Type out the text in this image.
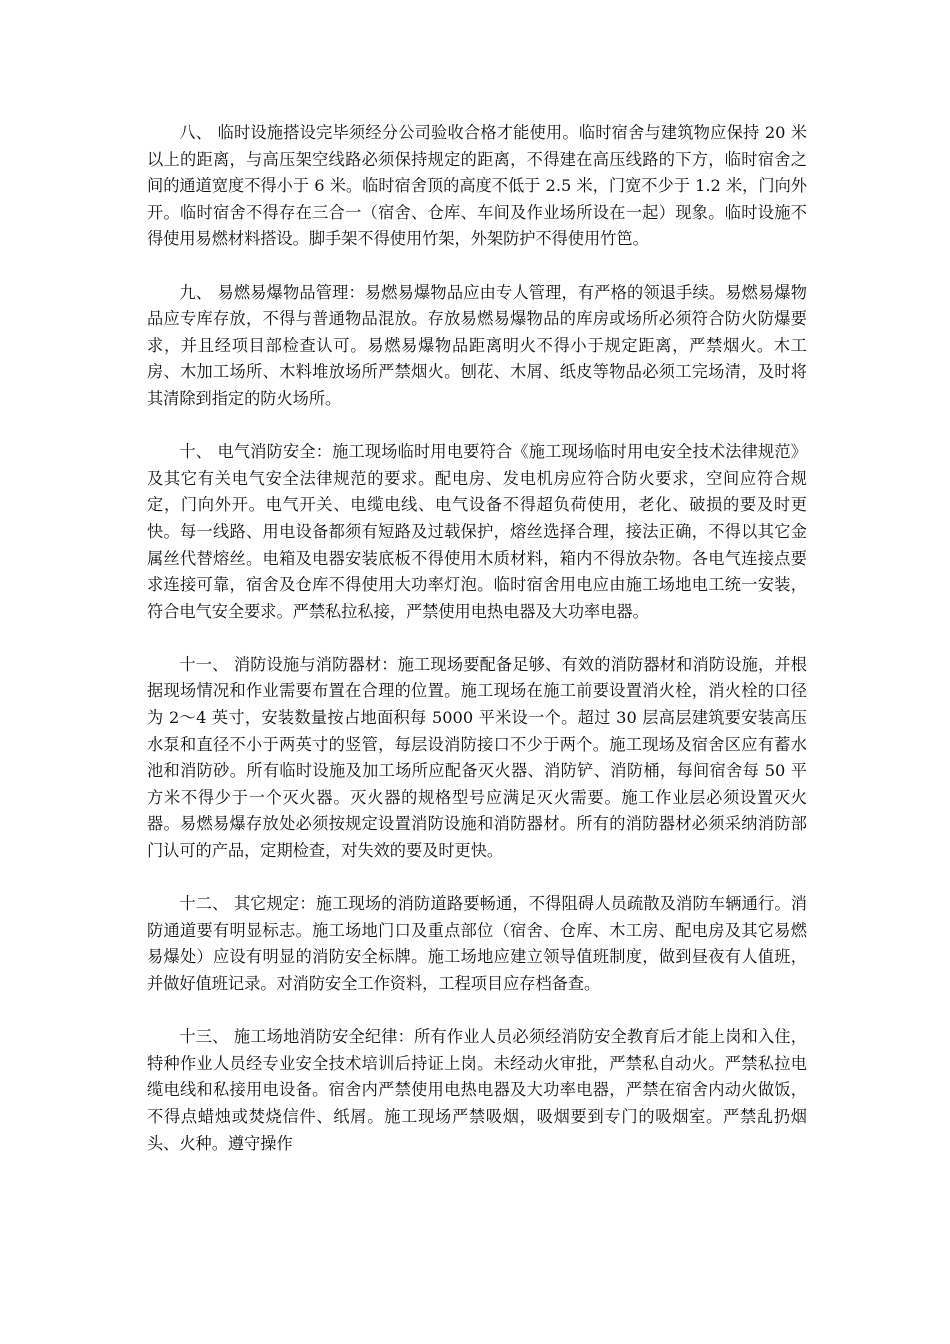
八、 临时设施搭设完毕须经分公司验收合格才能使用。临时宿舍与建筑物应保持 20 米以上的距离，与高压架空线路必须保持规定的距离，不得建在高压线路的下方，临时宿舍之间的通道宽度不得小于 6 米。临时宿舍顶的高度不低于 2.5 米，门宽不少于 1.2 米，门向外开。临时宿舍不得存在三合一（宿舍、仓库、车间及作业场所设在一起）现象。临时设施不得使用易燃材料搭设。脚手架不得使用竹架，外架防护不得使用竹笆。

九、 易燃易爆物品管理：易燃易爆物品应由专人管理，有严格的领退手续。易燃易爆物品应专库存放，不得与普通物品混放。存放易燃易爆物品的库房或场所必须符合防火防爆要求，并且经项目部检查认可。易燃易爆物品距离明火不得小于规定距离，严禁烟火。木工房、木加工场所、木料堆放场所严禁烟火。刨花、木屑、纸皮等物品必须工完场清，及时将其清除到指定的防火场所。

十、 电气消防安全：施工现场临时用电要符合《施工现场临时用电安全技术法律规范》及其它有关电气安全法律规范的要求。配电房、发电机房应符合防火要求，空间应符合规定，门向外开。电气开关、电缆电线、电气设备不得超负荷使用，老化、破损的要及时更快。每一线路、用电设备都须有短路及过载保护，熔丝选择合理，接法正确，不得以其它金属丝代替熔丝。电箱及电器安装底板不得使用木质材料，箱内不得放杂物。各电气连接点要求连接可靠，宿舍及仓库不得使用大功率灯泡。临时宿舍用电应由施工场地电工统一安装，符合电气安全要求。严禁私拉私接，严禁使用电热电器及大功率电器。

十一、 消防设施与消防器材：施工现场要配备足够、有效的消防器材和消防设施，并根据现场情况和作业需要布置在合理的位置。施工现场在施工前要设置消火栓，消火栓的口径为 2～4 英寸，安装数量按占地面积每 5000 平米设一个。超过 30 层高层建筑要安装高压水泵和直径不小于两英寸的竖管，每层设消防接口不少于两个。施工现场及宿舍区应有蓄水池和消防砂。所有临时设施及加工场所应配备灭火器、消防铲、消防桶，每间宿舍每 50 平方米不得少于一个灭火器。灭火器的规格型号应满足灭火需要。施工作业层必须设置灭火器。易燃易爆存放处必须按规定设置消防设施和消防器材。所有的消防器材必须采纳消防部门认可的产品，定期检查，对失效的要及时更快。

十二、 其它规定：施工现场的消防道路要畅通，不得阻碍人员疏散及消防车辆通行。消防通道要有明显标志。施工场地门口及重点部位（宿舍、仓库、木工房、配电房及其它易燃易爆处）应设有明显的消防安全标牌。施工场地应建立领导值班制度，做到昼夜有人值班，并做好值班记录。对消防安全工作资料，工程项目应存档备查。

十三、 施工场地消防安全纪律：所有作业人员必须经消防安全教育后才能上岗和入住，特种作业人员经专业安全技术培训后持证上岗。未经动火审批，严禁私自动火。严禁私拉电缆电线和私接用电设备。宿舍内严禁使用电热电器及大功率电器，严禁在宿舍内动火做饭，不得点蜡烛或焚烧信件、纸屑。施工现场严禁吸烟，吸烟要到专门的吸烟室。严禁乱扔烟头、火种。遵守操作
